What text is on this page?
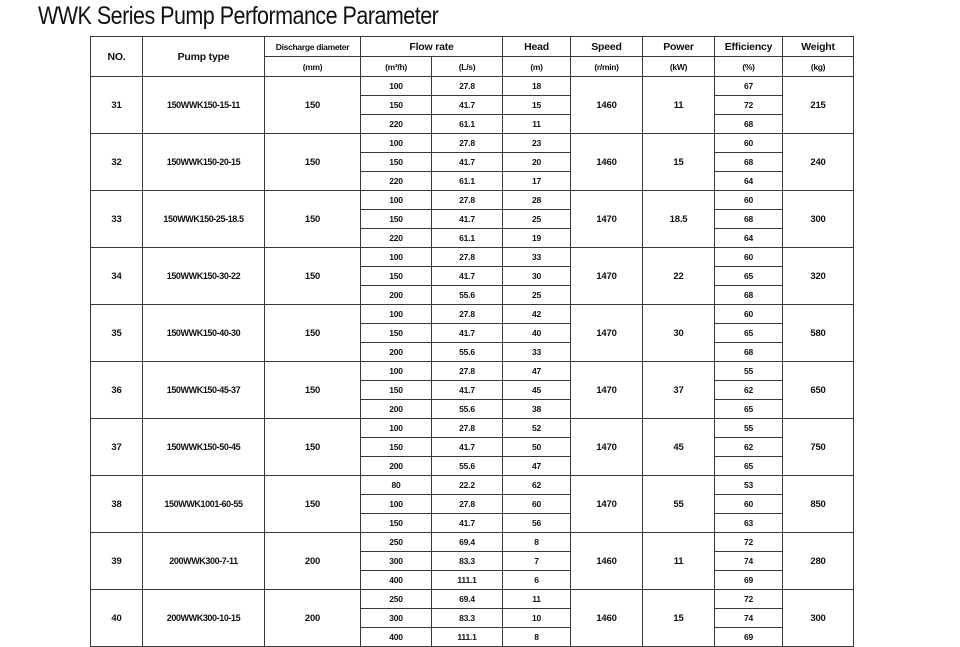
WWK Series Pump Performance Parameter
NO.	Pump type	Discharge diameter	Flow rate		Head	Speed	Power	Efficiency	Weight
		(mm)	(m³/h)	(L/s)	(m)	(r/min)	(kW)	(%)	(kg)
31	150WWK150-15-11	150	100	27.8	18	1460	11	67	215
			150	41.7	15			72	
			220	61.1	11			68	
32	150WWK150-20-15	150	100	27.8	23	1460	15	60	240
			150	41.7	20			68	
			220	61.1	17			64	
33	150WWK150-25-18.5	150	100	27.8	28	1470	18.5	60	300
			150	41.7	25			68	
			220	61.1	19			64	
34	150WWK150-30-22	150	100	27.8	33	1470	22	60	320
			150	41.7	30			65	
			200	55.6	25			68	
35	150WWK150-40-30	150	100	27.8	42	1470	30	60	580
			150	41.7	40			65	
			200	55.6	33			68	
36	150WWK150-45-37	150	100	27.8	47	1470	37	55	650
			150	41.7	45			62	
			200	55.6	38			65	
37	150WWK150-50-45	150	100	27.8	52	1470	45	55	750
			150	41.7	50			62	
			200	55.6	47			65	
38	150WWK1001-60-55	150	80	22.2	62	1470	55	53	850
			100	27.8	60			60	
			150	41.7	56			63	
39	200WWK300-7-11	200	250	69.4	8	1460	11	72	280
			300	83.3	7			74	
			400	111.1	6			69	
40	200WWK300-10-15	200	250	69.4	11	1460	15	72	300
			300	83.3	10			74	
			400	111.1	8			69	
